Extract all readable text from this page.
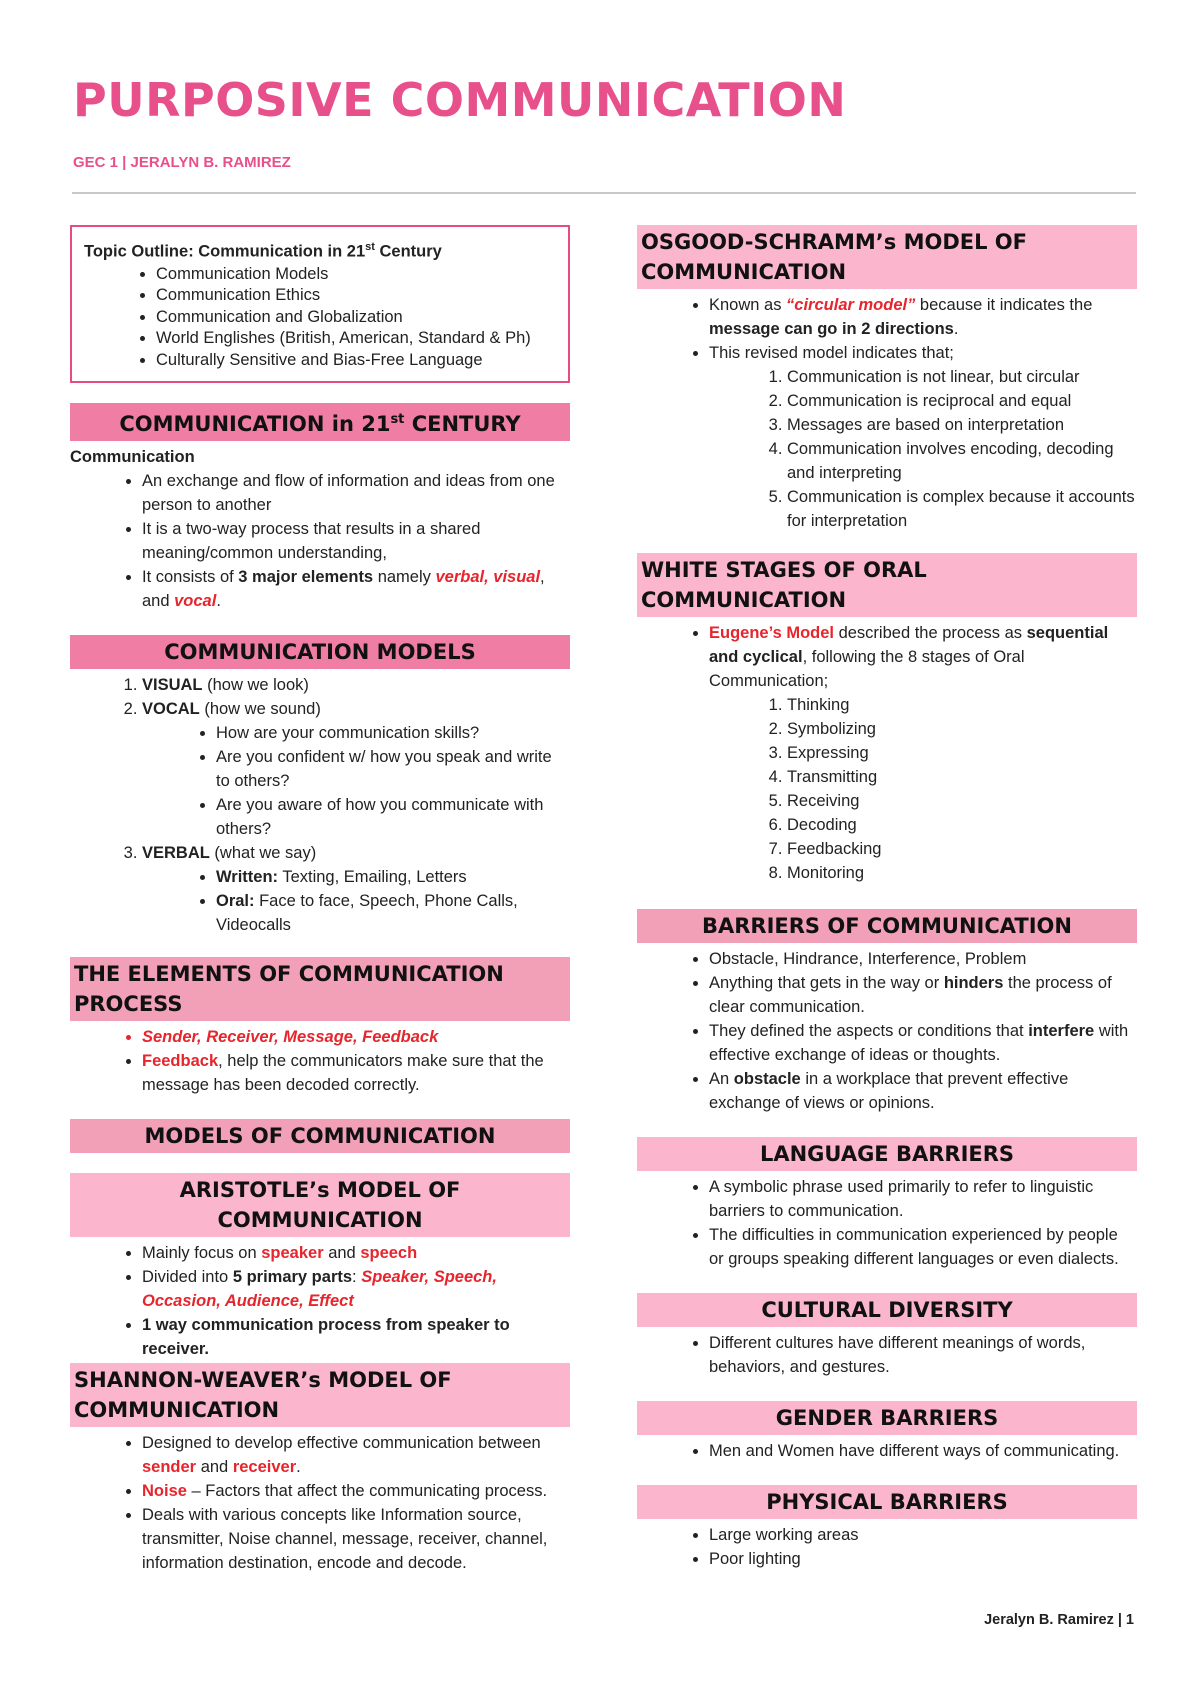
PURPOSIVE COMMUNICATION

GEC 1 | JERALYN B. RAMIREZ

Topic Outline: Communication in 21st Century
• Communication Models
• Communication Ethics
• Communication and Globalization
• World Englishes (British, American, Standard & Ph)
• Culturally Sensitive and Bias-Free Language
COMMUNICATION in 21st CENTURY

Communication

• An exchange and flow of information and ideas from one person to another
• It is a two-way process that results in a shared meaning/common understanding,
• It consists of 3 major elements namely verbal, visual, and vocal.
COMMUNICATION MODELS
1. VISUAL (how we look)
2. VOCAL (how we sound)
• How are your communication skills?
• Are you confident w/ how you speak and write to others?
• Are you aware of how you communicate with others?
3. VERBAL (what we say)
• Written: Texting, Emailing, Letters
• Oral: Face to face, Speech, Phone Calls, Videocalls
THE ELEMENTS OF COMMUNICATION PROCESS
• Sender, Receiver, Message, Feedback
• Feedback, help the communicators make sure that the message has been decoded correctly.
MODELS OF COMMUNICATION
ARISTOTLE’s MODEL OF COMMUNICATION
• Mainly focus on speaker and speech
• Divided into 5 primary parts: Speaker, Speech, Occasion, Audience, Effect
• 1 way communication process from speaker to receiver.
SHANNON-WEAVER’s MODEL OF COMMUNICATION
• Designed to develop effective communication between sender and receiver.
• Noise – Factors that affect the communicating process.
• Deals with various concepts like Information source, transmitter, Noise channel, message, receiver, channel, information destination, encode and decode.
OSGOOD-SCHRAMM’s MODEL OF COMMUNICATION
• Known as “circular model” because it indicates the message can go in 2 directions.
• This revised model indicates that;
1. Communication is not linear, but circular
2. Communication is reciprocal and equal
3. Messages are based on interpretation
4. Communication involves encoding, decoding and interpreting
5. Communication is complex because it accounts for interpretation
WHITE STAGES OF ORAL COMMUNICATION
• Eugene’s Model described the process as sequential and cyclical, following the 8 stages of Oral Communication;
1. Thinking
2. Symbolizing
3. Expressing
4. Transmitting
5. Receiving
6. Decoding
7. Feedbacking
8. Monitoring
BARRIERS OF COMMUNICATION
• Obstacle, Hindrance, Interference, Problem
• Anything that gets in the way or hinders the process of clear communication.
• They defined the aspects or conditions that interfere with effective exchange of ideas or thoughts.
• An obstacle in a workplace that prevent effective exchange of views or opinions.
LANGUAGE BARRIERS
• A symbolic phrase used primarily to refer to linguistic barriers to communication.
• The difficulties in communication experienced by people or groups speaking different languages or even dialects.
CULTURAL DIVERSITY
• Different cultures have different meanings of words, behaviors, and gestures.
GENDER BARRIERS
• Men and Women have different ways of communicating.
PHYSICAL BARRIERS
• Large working areas
• Poor lighting
Jeralyn B. Ramirez | 1
